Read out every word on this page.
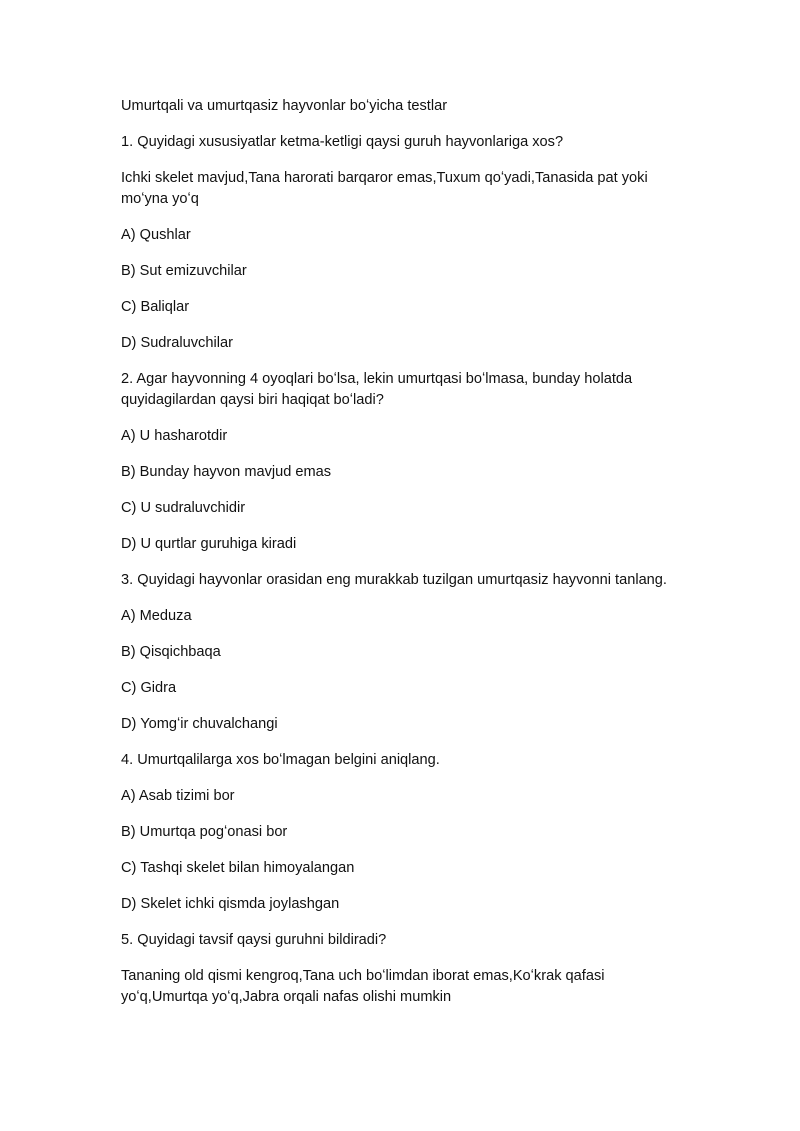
Umurtqali va umurtqasiz hayvonlar boʻyicha testlar

1. Quyidagi xususiyatlar ketma-ketligi qaysi guruh hayvonlariga xos?

Ichki skelet mavjud,Tana harorati barqaror emas,Tuxum qoʻyadi,Tanasida pat yoki moʻyna yoʻq

A) Qushlar

B) Sut emizuvchilar

C) Baliqlar

D) Sudraluvchilar

2. Agar hayvonning 4 oyoqlari boʻlsa, lekin umurtqasi boʻlmasa, bunday holatda quyidagilardan qaysi biri haqiqat boʻladi?

A) U hasharotdir

B) Bunday hayvon mavjud emas

C) U sudraluvchidir

D) U qurtlar guruhiga kiradi

3. Quyidagi hayvonlar orasidan eng murakkab tuzilgan umurtqasiz hayvonni tanlang.

A) Meduza

B) Qisqichbaqa

C) Gidra

D) Yomgʻir chuvalchangi

4. Umurtqalilarga xos boʻlmagan belgini aniqlang.

A) Asab tizimi bor

B) Umurtqa pogʻonasi bor

C) Tashqi skelet bilan himoyalangan

D) Skelet ichki qismda joylashgan

5. Quyidagi tavsif qaysi guruhni bildiradi?

Tananing old qismi kengroq,Tana uch boʻlimdan iborat emas,Koʻkrak qafasi yoʻq,Umurtqa yoʻq,Jabra orqali nafas olishi mumkin
